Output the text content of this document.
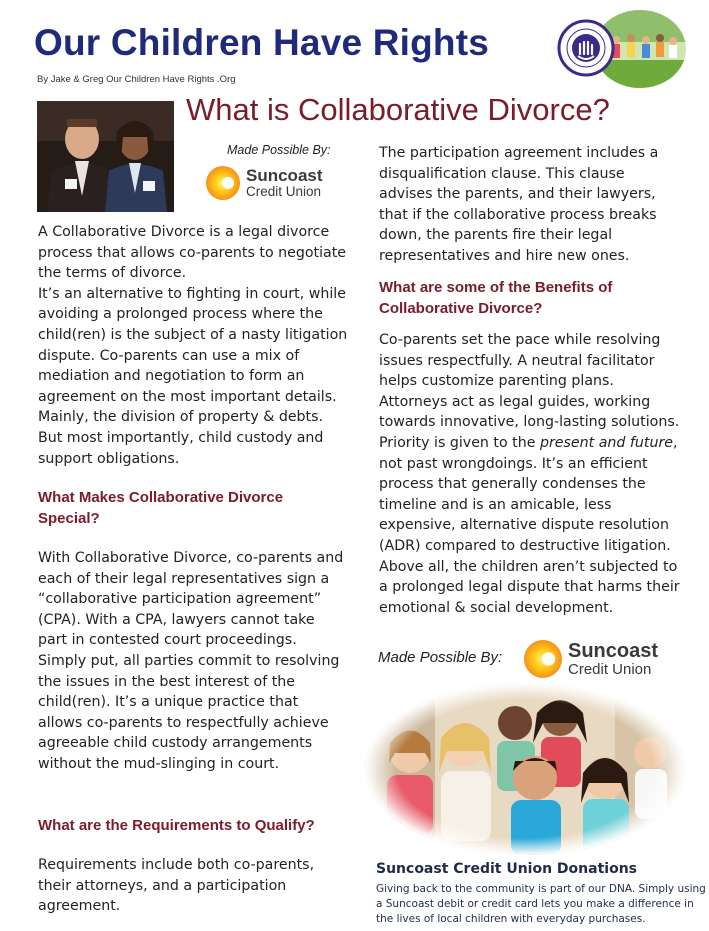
Our Children Have Rights
By Jake & Greg Our Children Have Rights .Org
What is Collaborative Divorce?
Made Possible By:
Suncoast
Credit Union
A Collaborative Divorce is a legal divorce process that allows co-parents to negotiate the terms of divorce.
It’s an alternative to fighting in court, while avoiding a prolonged process where the child(ren) is the subject of a nasty litigation dispute. Co-parents can use a mix of mediation and negotiation to form an agreement on the most important details. Mainly, the division of property & debts. But most importantly, child custody and support obligations.
What Makes Collaborative Divorce Special?
With Collaborative Divorce, co-parents and each of their legal representatives sign a “collaborative participation agreement” (CPA). With a CPA, lawyers cannot take part in contested court proceedings. Simply put, all parties commit to resolving the issues in the best interest of the child(ren). It’s a unique practice that allows co-parents to respectfully achieve agreeable child custody arrangements without the mud-slinging in court.
What are the Requirements to Qualify?
Requirements include both co-parents, their attorneys, and a participation agreement.
The participation agreement includes a disqualification clause. This clause advises the parents, and their lawyers, that if the collaborative process breaks down, the parents fire their legal representatives and hire new ones.
What are some of the Benefits of Collaborative Divorce?
Co-parents set the pace while resolving issues respectfully. A neutral facilitator helps customize parenting plans. Attorneys act as legal guides, working towards innovative, long-lasting solutions. Priority is given to the present and future, not past wrongdoings. It’s an efficient process that generally condenses the timeline and is an amicable, less expensive, alternative dispute resolution (ADR) compared to destructive litigation. Above all, the children aren’t subjected to a prolonged legal dispute that harms their emotional & social development.
Made Possible By:	Suncoast
Credit Union
Suncoast Credit Union Donations
Giving back to the community is part of our DNA. Simply using a Suncoast debit or credit card lets you make a difference in the lives of local children with everyday purchases.
